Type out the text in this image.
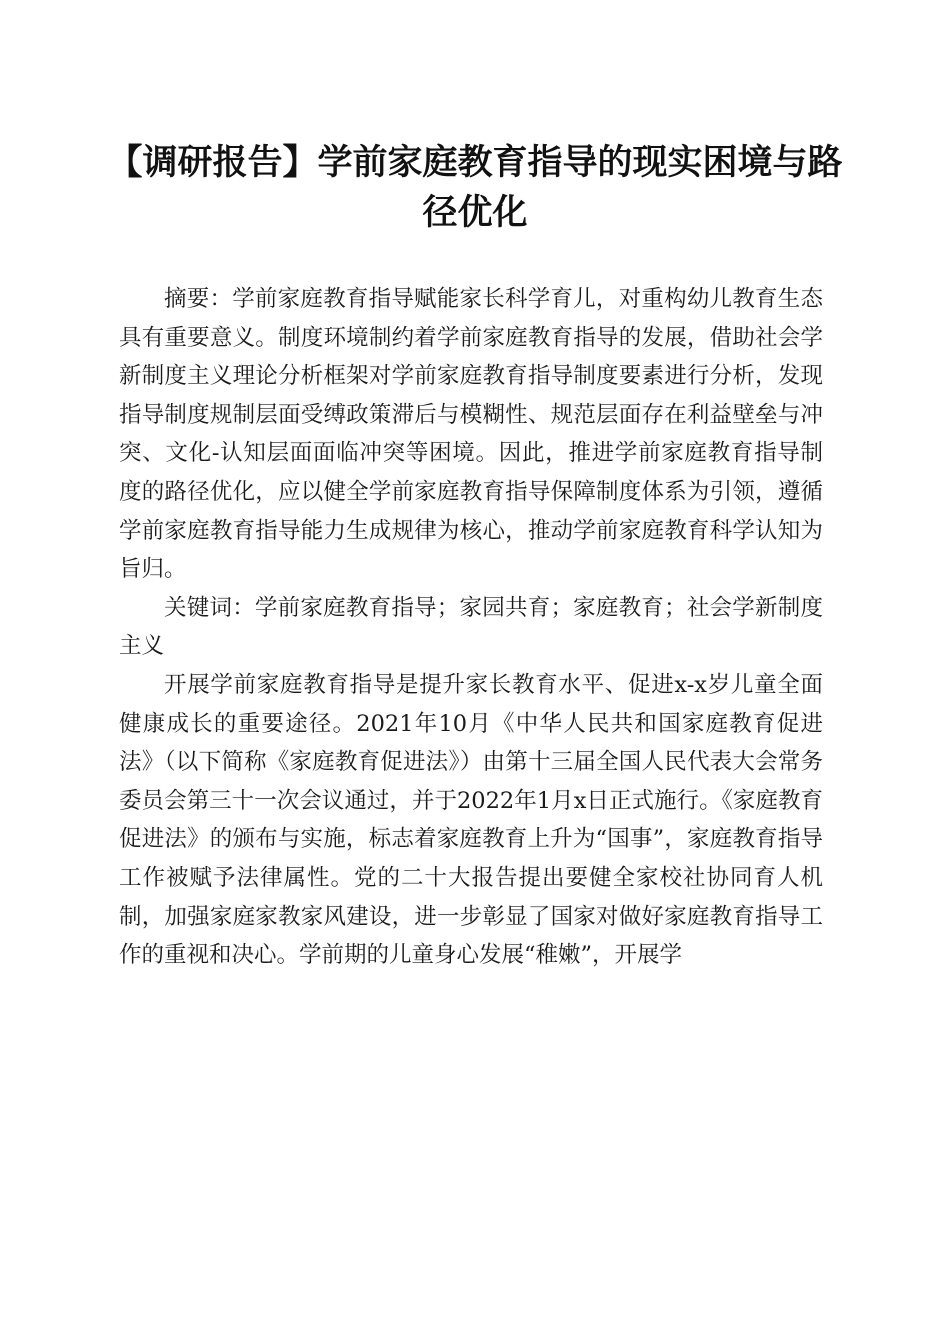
【调研报告】学前家庭教育指导的现实困境与路径优化

摘要：学前家庭教育指导赋能家长科学育儿，对重构幼儿教育生态具有重要意义。制度环境制约着学前家庭教育指导的发展，借助社会学新制度主义理论分析框架对学前家庭教育指导制度要素进行分析，发现指导制度规制层面受缚政策滞后与模糊性、规范层面存在利益壁垒与冲突、文化-认知层面面临冲突等困境。因此，推进学前家庭教育指导制度的路径优化，应以健全学前家庭教育指导保障制度体系为引领，遵循学前家庭教育指导能力生成规律为核心，推动学前家庭教育科学认知为旨归。

关键词：学前家庭教育指导；家园共育；家庭教育；社会学新制度主义

开展学前家庭教育指导是提升家长教育水平、促进x-x岁儿童全面健康成长的重要途径。2021年10月《中华人民共和国家庭教育促进法》（以下简称《家庭教育促进法》）由第十三届全国人民代表大会常务委员会第三十一次会议通过，并于2022年1月x日正式施行。《家庭教育促进法》的颁布与实施，标志着家庭教育上升为“国事”，家庭教育指导工作被赋予法律属性。党的二十大报告提出要健全家校社协同育人机制，加强家庭家教家风建设，进一步彰显了国家对做好家庭教育指导工作的重视和决心。学前期的儿童身心发展“稚嫩”，开展学
